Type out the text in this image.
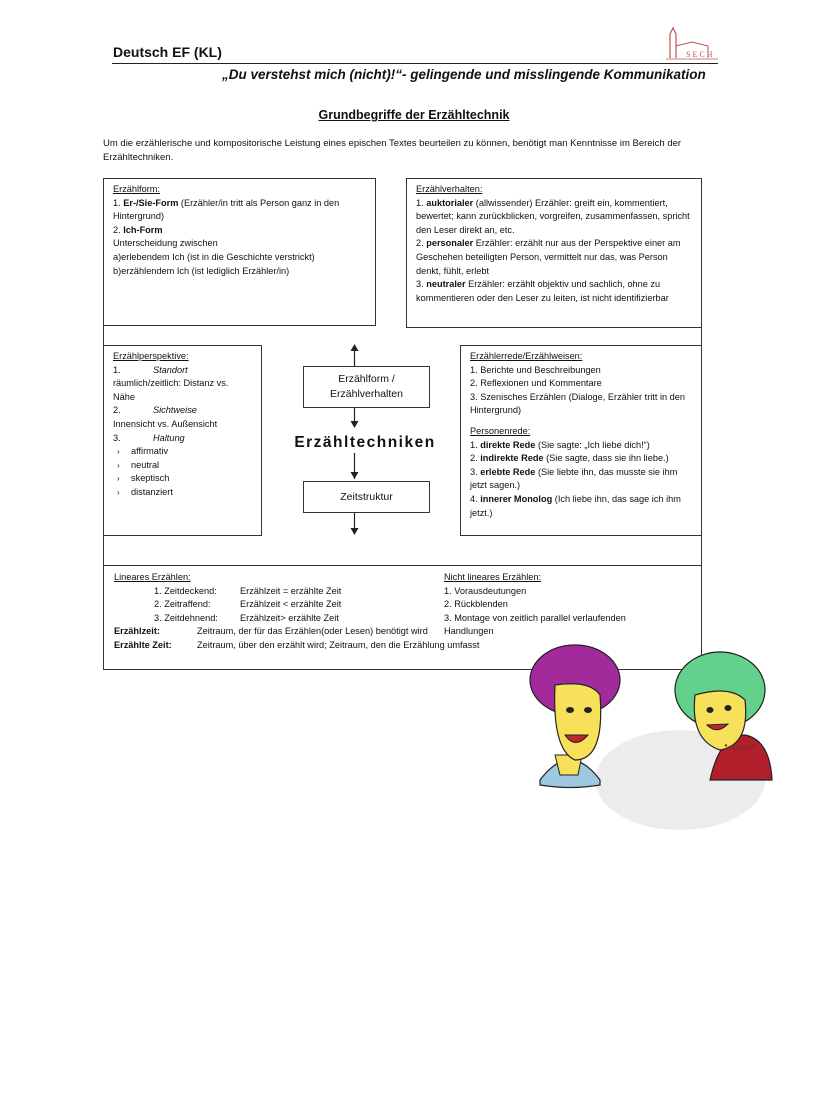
Deutsch EF (KL)	SECH
„Du verstehst mich (nicht)!“- gelingende und misslingende Kommunikation
Grundbegriffe der Erzähltechnik
Um die erzählerische und kompositorische Leistung eines epischen Textes beurteilen zu können, benötigt man Kenntnisse im Bereich der Erzähltechniken.
Erzählform:
1. Er-/Sie-Form (Erzähler/in tritt als Person ganz in den Hintergrund)
2. Ich-Form
Unterscheidung zwischen
a)erlebendem Ich (ist in die Geschichte verstrickt)
b)erzählendem Ich (ist lediglich Erzähler/in)
Erzählverhalten:
1. auktorialer (allwissender) Erzähler: greift ein, kommentiert, bewertet; kann zurückblicken, vorgreifen, zusammenfassen, spricht den Leser direkt an, etc.
2. personaler Erzähler: erzählt nur aus der Perspektive einer am Geschehen beteiligten Person, vermittelt nur das, was Person denkt, fühlt, erlebt
3. neutraler Erzähler: erzählt objektiv und sachlich, ohne zu kommentieren oder den Leser zu leiten, ist nicht identifizierbar
Erzählperspektive:
1.	Standort
räumlich/zeitlich: Distanz vs. Nähe
2.	Sichtweise
Innensicht vs. Außensicht
3.	Haltung
› affirmativ
› neutral
› skeptisch
› distanziert
Erzählform / Erzählverhalten
Erzähltechniken
Zeitstruktur
Erzählerrede/Erzählweisen:
1. Berichte und Beschreibungen
2. Reflexionen und Kommentare
3. Szenisches Erzählen (Dialoge, Erzähler tritt in den Hintergrund)
Personenrede:
1. direkte Rede (Sie sagte: „Ich liebe dich!“)
2. indirekte Rede (Sie sagte, dass sie ihn liebe.)
3. erlebte Rede (Sie liebte ihn, das musste sie ihm jetzt sagen.)
4. innerer Monolog (Ich liebe ihn, das sage ich ihm jetzt.)
Lineares Erzählen:
1. Zeitdeckend:	Erzählzeit = erzählte Zeit
2. Zeitraffend:	Erzählzeit < erzählte Zeit
3. Zeitdehnend:	Erzählzeit> erzählte Zeit
Nicht lineares Erzählen:
1. Vorausdeutungen
2. Rückblenden
3. Montage von zeitlich parallel verlaufenden Handlungen
Erzählzeit:	Zeitraum, der für das Erzählen(oder Lesen) benötigt wird
Erzählte Zeit:	Zeitraum, über den erzählt wird; Zeitraum, den die Erzählung umfasst
